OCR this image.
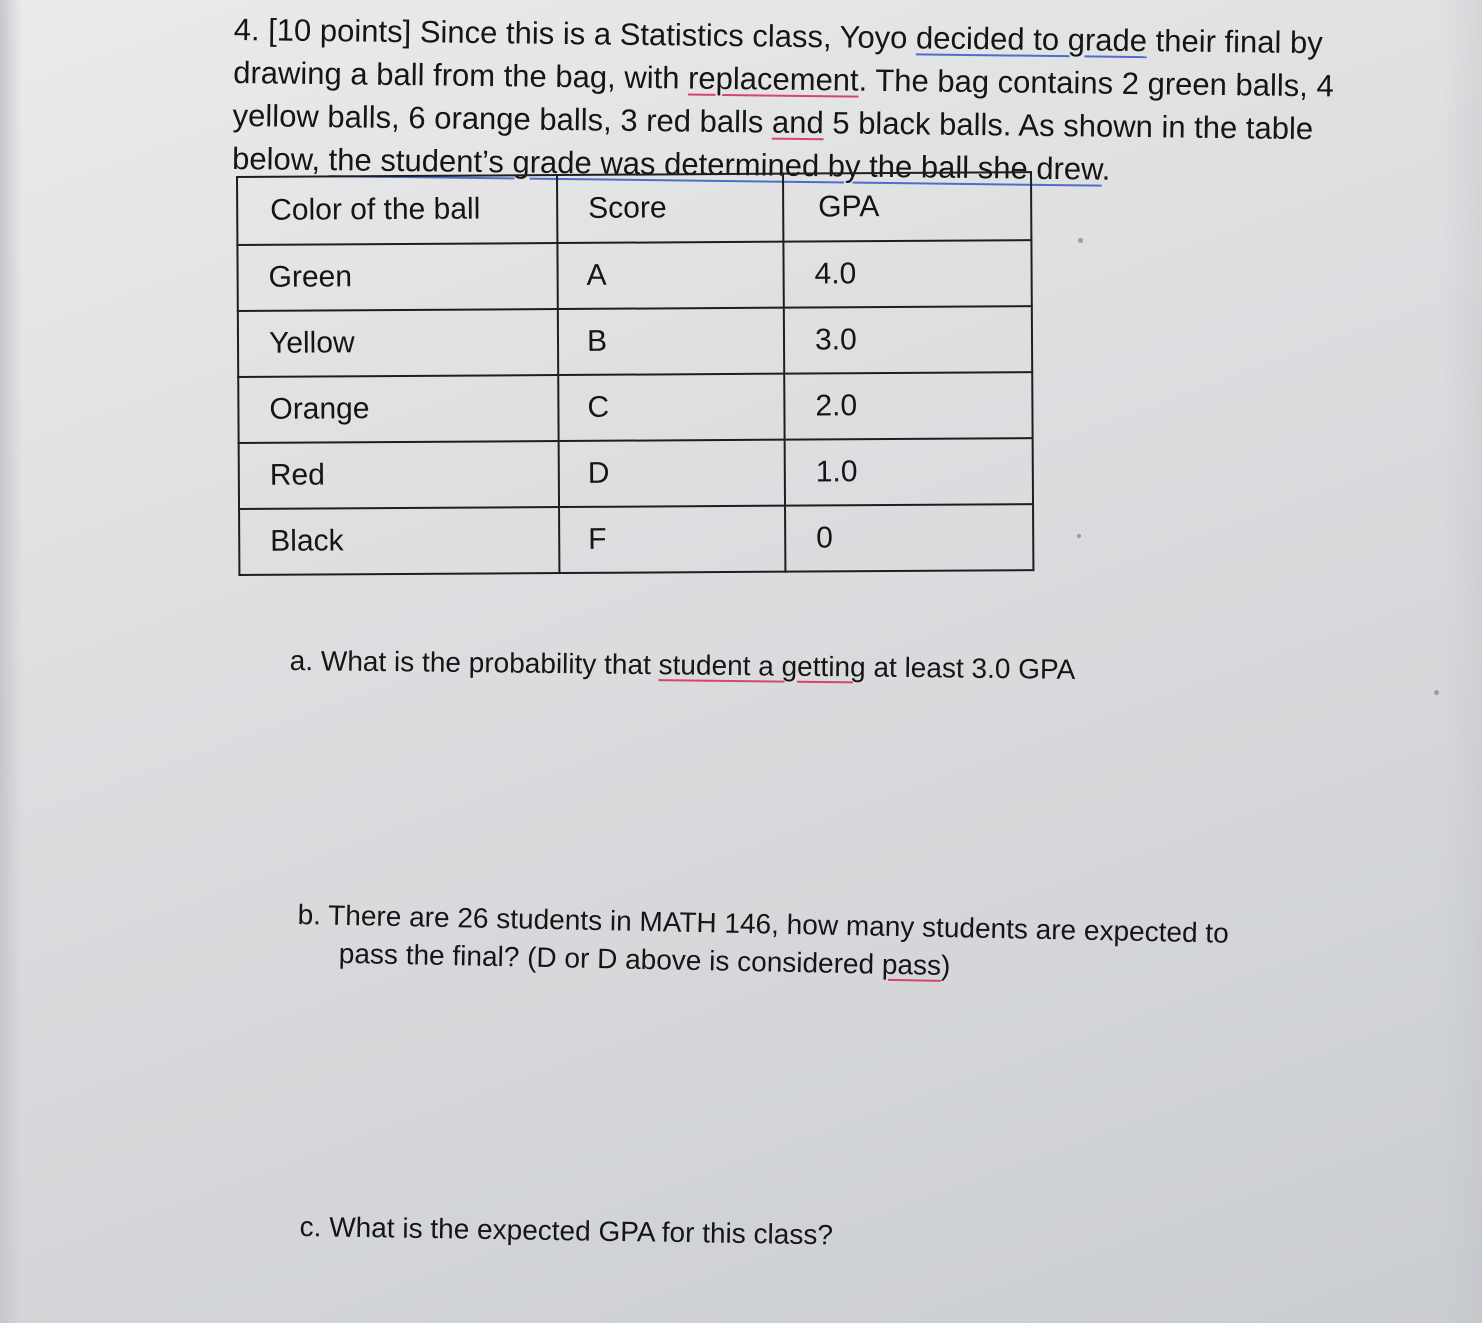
4. [10 points] Since this is a Statistics class, Yoyo decided to grade their final by
drawing a ball from the bag, with replacement. The bag contains 2 green balls, 4
yellow balls, 6 orange balls, 3 red balls and 5 black balls. As shown in the table
below, the student’s grade was determined by the ball she drew.

Color of the ball	Score	GPA
Green	A	4.0
Yellow	B	3.0
Orange	C	2.0
Red	D	1.0
Black	F	0

a. What is the probability that student a getting at least 3.0 GPA

b. There are 26 students in MATH 146, how many students are expected to
pass the final? (D or D above is considered pass)

c. What is the expected GPA for this class?
